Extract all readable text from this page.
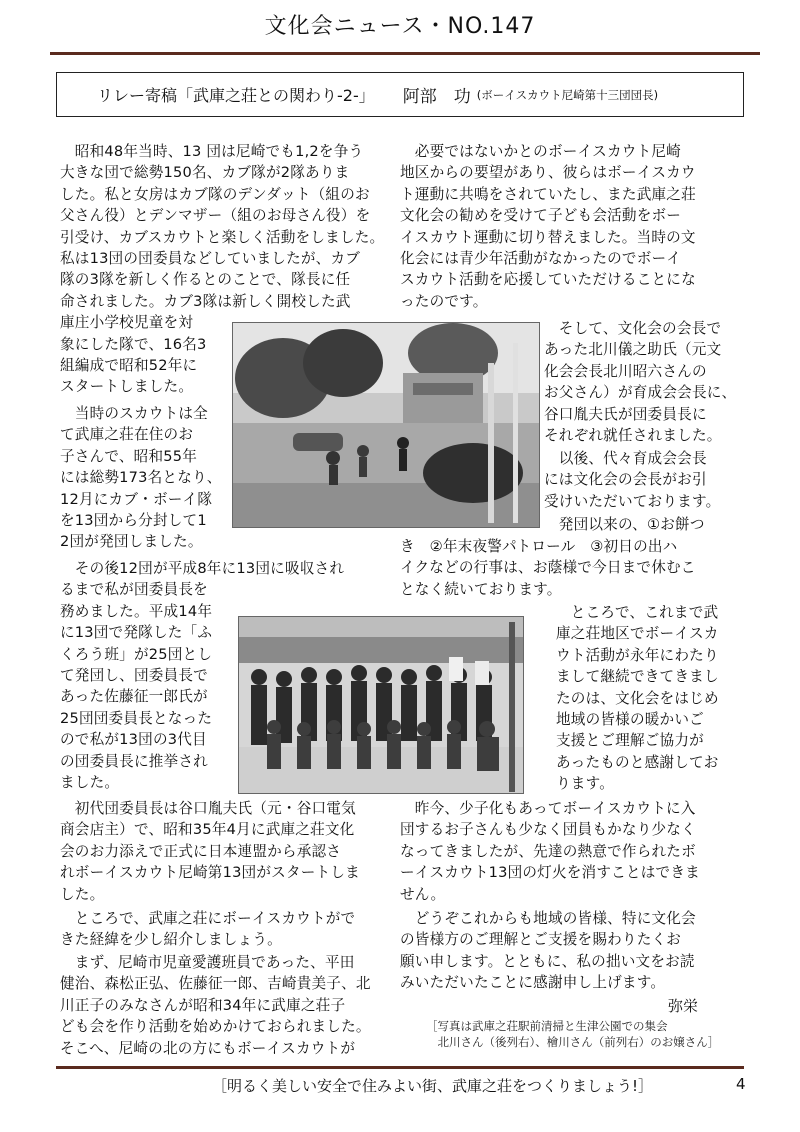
文化会ニュース・NO.147
リレー寄稿「武庫之荘との関わり-2-」 阿部　功 (ボーイスカウト尼崎第十三団団長)
　昭和48年当時、13 団は尼崎でも1,2を争う
大きな団で総勢150名、カブ隊が2隊ありま
した。私と女房はカブ隊のデンダット（組のお
父さん役）とデンマザー（組のお母さん役）を
引受け、カブスカウトと楽しく活動をしました。
私は13団の団委員などしていましたが、カブ
隊の3隊を新しく作るとのことで、隊長に任
命されました。カブ3隊は新しく開校した武
庫庄小学校児童を対
象にした隊で、16名3
組編成で昭和52年に
スタートしました。
　当時のスカウトは全
て武庫之荘在住のお
子さんで、昭和55年
には総勢173名となり、
12月にカブ・ボーイ隊
を13団から分封して1
2団が発団しました。
　その後12団が平成8年に13団に吸収され
るまで私が団委員長を
務めました。平成14年
に13団で発隊した「ふ
くろう班」が25団とし
て発団し、団委員長で
あった佐藤征一郎氏が
25団団委員長となった
ので私が13団の3代目
の団委員長に推挙され
ました。
　初代団委員長は谷口胤夫氏（元・谷口電気
商会店主）で、昭和35年4月に武庫之荘文化
会のお力添えで正式に日本連盟から承認さ
れボーイスカウト尼崎第13団がスタートしま
した。
　ところで、武庫之荘にボーイスカウトがで
きた経緯を少し紹介しましょう。
　まず、尼崎市児童愛護班員であった、平田
健治、森松正弘、佐藤征一郎、吉崎貴美子、北
川正子のみなさんが昭和34年に武庫之荘子
ども会を作り活動を始めかけておられました。
そこへ、尼崎の北の方にもボーイスカウトが
　必要ではないかとのボーイスカウト尼崎
地区からの要望があり、彼らはボーイスカウ
ト運動に共鳴をされていたし、また武庫之荘
文化会の勧めを受けて子ども会活動をボー
イスカウト運動に切り替えました。当時の文
化会には青少年活動がなかったのでボーイ
スカウト活動を応援していただけることにな
ったのです。
　そして、文化会の会長で
あった北川儀之助氏（元文
化会会長北川昭六さんの
お父さん）が育成会会長に、
谷口胤夫氏が団委員長に
それぞれ就任されました。
　以後、代々育成会会長
には文化会の会長がお引
受けいただいております。
　発団以来の、①お餅つ
き　②年末夜警パトロール　③初日の出ハ
イクなどの行事は、お蔭様で今日まで休むこ
となく続いております。
　ところで、これまで武
庫之荘地区でボーイスカ
ウト活動が永年にわたり
まして継続できてきまし
たのは、文化会をはじめ
地域の皆様の暖かいご
支援とご理解ご協力が
あったものと感謝してお
ります。
　昨今、少子化もあってボーイスカウトに入
団するお子さんも少なく団員もかなり少なく
なってきましたが、先達の熱意で作られたボ
ーイスカウト13団の灯火を消すことはできま
せん。
　どうぞこれからも地域の皆様、特に文化会
の皆様方のご理解とご支援を賜わりたくお
願い申します。とともに、私の拙い文をお読
みいただいたことに感謝申し上げます。
弥栄
［写真は武庫之荘駅前清掃と生津公園での集会
　北川さん（後列右）、檜川さん（前列右）のお嬢さん］
［明るく美しい安全で住みよい街、武庫之荘をつくりましょう!］	4
